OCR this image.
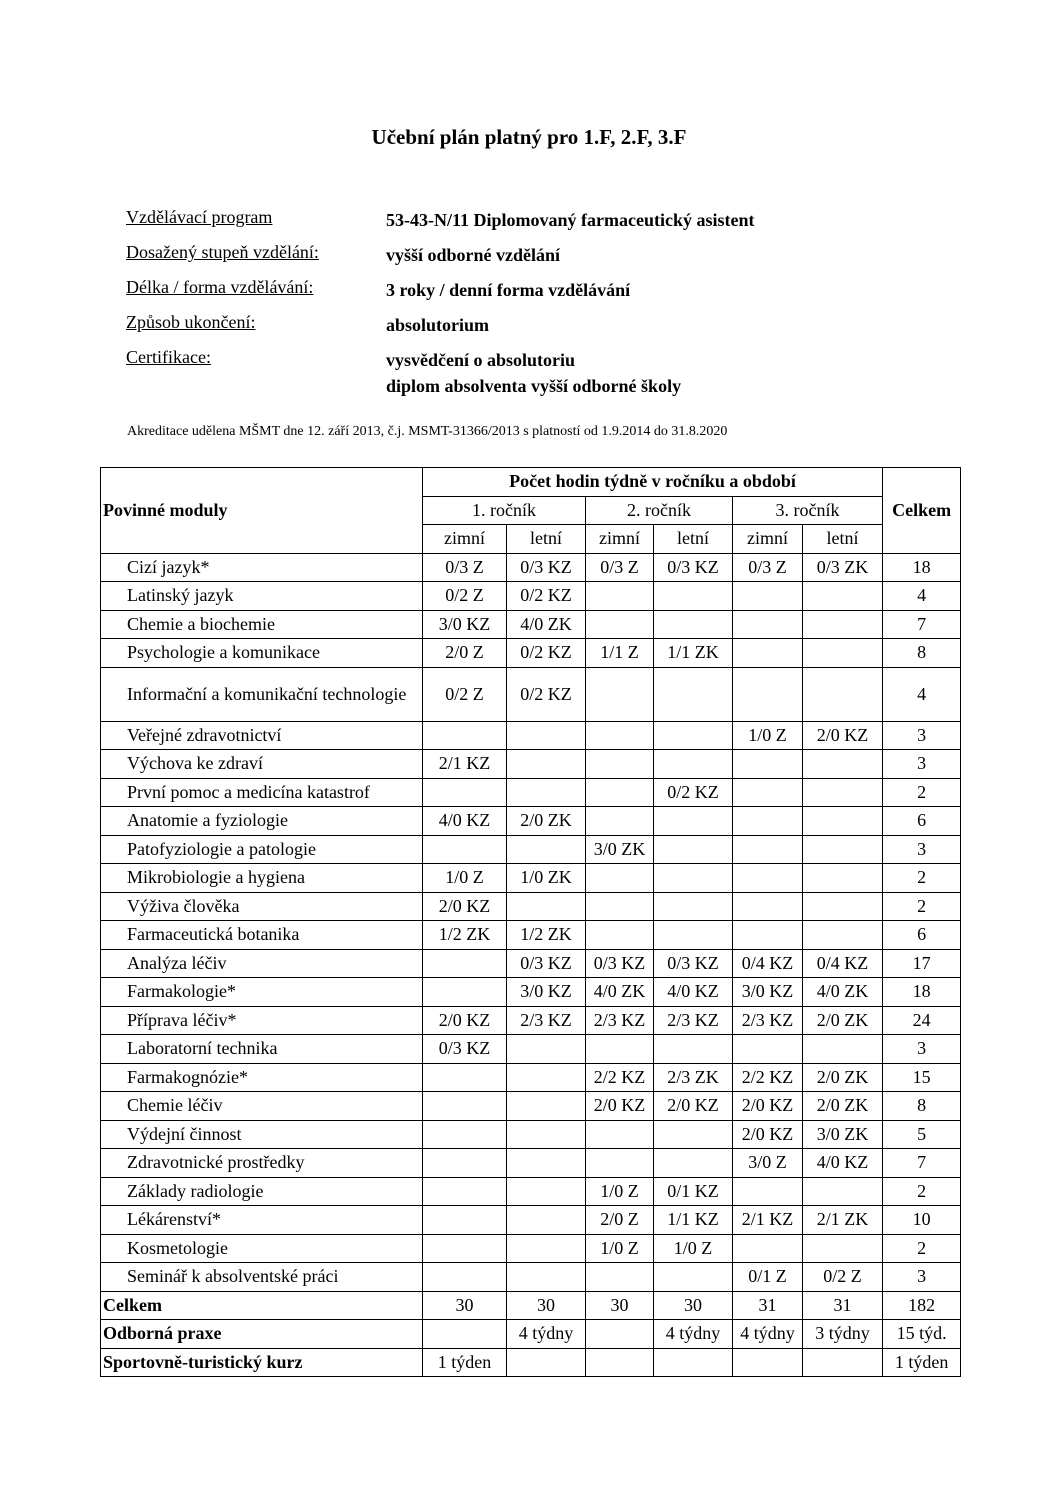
Učební plán platný pro 1.F, 2.F, 3.F
Vzdělávací program	53-43-N/11 Diplomovaný farmaceutický asistent
Dosažený stupeň vzdělání:	vyšší odborné vzdělání
Délka / forma vzdělávání:	3 roky / denní forma vzdělávání
Způsob ukončení:	absolutorium
Certifikace:	vysvědčení o absolutoriu
diplom absolventa vyšší odborné školy
Akreditace udělena MŠMT dne 12. září 2013, č.j. MSMT-31366/2013 s platností od 1.9.2014 do 31.8.2020
Povinné moduly	Počet hodin týdně v ročníku a období						Celkem
	1. ročník		2. ročník		3. ročník		
	zimní	letní	zimní	letní	zimní	letní	
Cizí jazyk*	0/3 Z	0/3 KZ	0/3 Z	0/3 KZ	0/3 Z	0/3 ZK	18
Latinský jazyk	0/2 Z	0/2 KZ					4
Chemie a biochemie	3/0 KZ	4/0 ZK					7
Psychologie a komunikace	2/0 Z	0/2 KZ	1/1 Z	1/1 ZK			8
Informační a komunikační technologie	0/2 Z	0/2 KZ					4
Veřejné zdravotnictví					1/0 Z	2/0 KZ	3
Výchova ke zdraví	2/1 KZ						3
První pomoc a medicína katastrof				0/2 KZ			2
Anatomie a fyziologie	4/0 KZ	2/0 ZK					6
Patofyziologie a patologie			3/0 ZK				3
Mikrobiologie a hygiena	1/0 Z	1/0 ZK					2
Výživa člověka	2/0 KZ						2
Farmaceutická botanika	1/2 ZK	1/2 ZK					6
Analýza léčiv		0/3 KZ	0/3 KZ	0/3 KZ	0/4 KZ	0/4 KZ	17
Farmakologie*		3/0 KZ	4/0 ZK	4/0 KZ	3/0 KZ	4/0 ZK	18
Příprava léčiv*	2/0 KZ	2/3 KZ	2/3 KZ	2/3 KZ	2/3 KZ	2/0 ZK	24
Laboratorní technika	0/3 KZ						3
Farmakognózie*			2/2 KZ	2/3 ZK	2/2 KZ	2/0 ZK	15
Chemie léčiv			2/0 KZ	2/0 KZ	2/0 KZ	2/0 ZK	8
Výdejní činnost					2/0 KZ	3/0 ZK	5
Zdravotnické prostředky					3/0 Z	4/0 KZ	7
Základy radiologie			1/0 Z	0/1 KZ			2
Lékárenství*			2/0 Z	1/1 KZ	2/1 KZ	2/1 ZK	10
Kosmetologie			1/0 Z	1/0 Z			2
Seminář k absolventské práci					0/1 Z	0/2 Z	3
Celkem	30	30	30	30	31	31	182
Odborná praxe		4 týdny		4 týdny	4 týdny	3 týdny	15 týd.
Sportovně-turistický kurz	1 týden						1 týden
